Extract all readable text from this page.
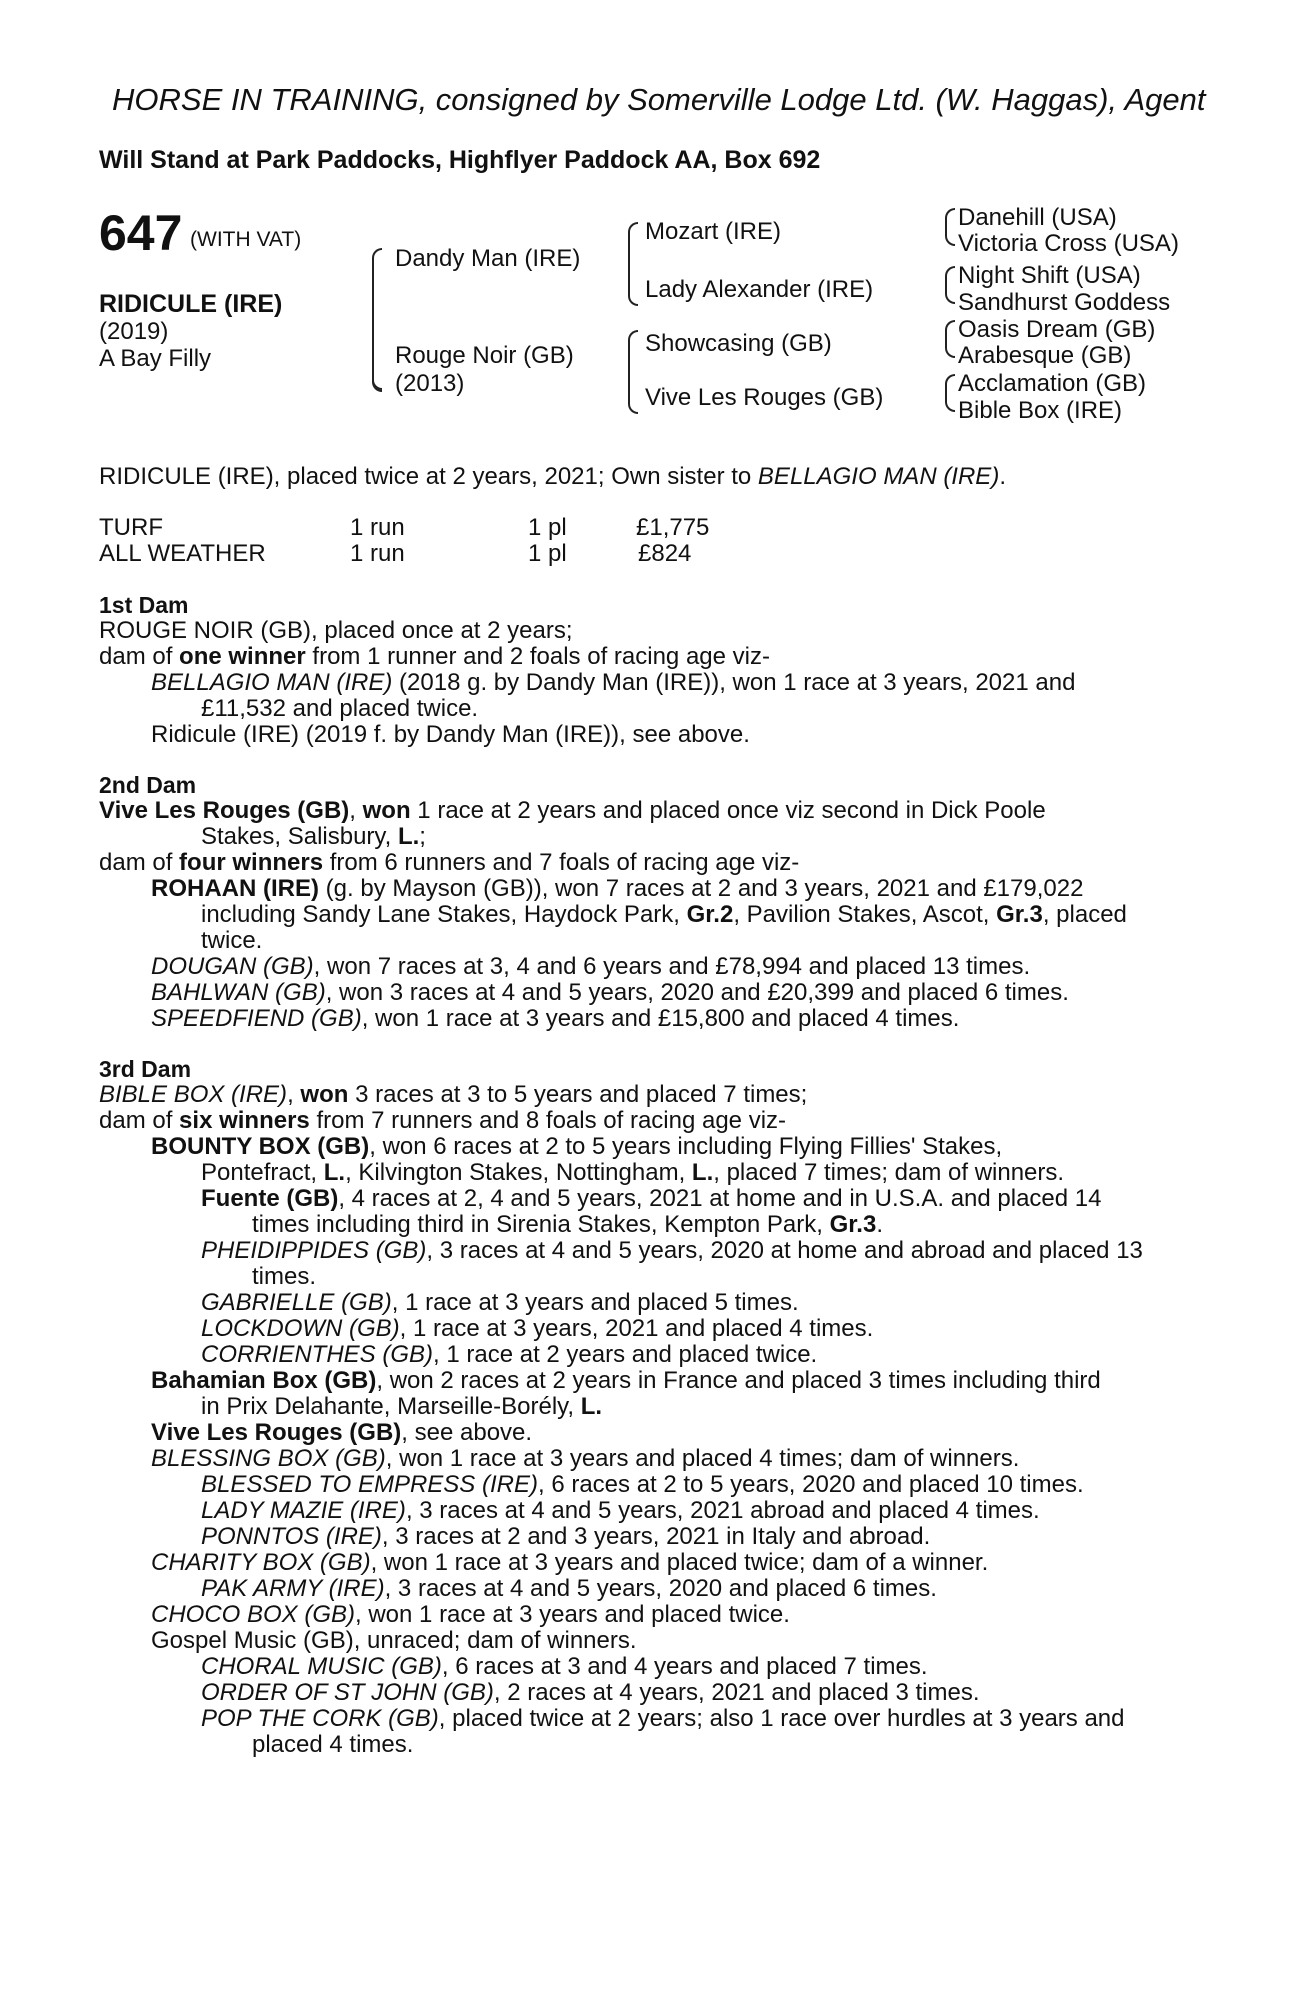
HORSE IN TRAINING, consigned by Somerville Lodge Ltd. (W. Haggas), Agent
Will Stand at Park Paddocks, Highflyer Paddock AA, Box 692
647 (WITH VAT)
RIDICULE (IRE)
(2019)
A Bay Filly
Dandy Man (IRE)
Rouge Noir (GB)
(2013)
Mozart (IRE)
Lady Alexander (IRE)
Showcasing (GB)
Vive Les Rouges (GB)
Danehill (USA)
Victoria Cross (USA)
Night Shift (USA)
Sandhurst Goddess
Oasis Dream (GB)
Arabesque (GB)
Acclamation (GB)
Bible Box (IRE)

RIDICULE (IRE), placed twice at 2 years, 2021; Own sister to BELLAGIO MAN (IRE).

TURF	1 run	1 pl	£1,775

ALL WEATHER	1 run	1 pl	£824

1st Dam

ROUGE NOIR (GB), placed once at 2 years;

dam of one winner from 1 runner and 2 foals of racing age viz-

BELLAGIO MAN (IRE) (2018 g. by Dandy Man (IRE)), won 1 race at 3 years, 2021 and

£11,532 and placed twice.

Ridicule (IRE) (2019 f. by Dandy Man (IRE)), see above.

2nd Dam

Vive Les Rouges (GB), won 1 race at 2 years and placed once viz second in Dick Poole

Stakes, Salisbury, L.;

dam of four winners from 6 runners and 7 foals of racing age viz-

ROHAAN (IRE) (g. by Mayson (GB)), won 7 races at 2 and 3 years, 2021 and £179,022

including Sandy Lane Stakes, Haydock Park, Gr.2, Pavilion Stakes, Ascot, Gr.3, placed

twice.

DOUGAN (GB), won 7 races at 3, 4 and 6 years and £78,994 and placed 13 times.

BAHLWAN (GB), won 3 races at 4 and 5 years, 2020 and £20,399 and placed 6 times.

SPEEDFIEND (GB), won 1 race at 3 years and £15,800 and placed 4 times.

3rd Dam

BIBLE BOX (IRE), won 3 races at 3 to 5 years and placed 7 times;

dam of six winners from 7 runners and 8 foals of racing age viz-

BOUNTY BOX (GB), won 6 races at 2 to 5 years including Flying Fillies' Stakes,

Pontefract, L., Kilvington Stakes, Nottingham, L., placed 7 times; dam of winners.

Fuente (GB), 4 races at 2, 4 and 5 years, 2021 at home and in U.S.A. and placed 14

times including third in Sirenia Stakes, Kempton Park, Gr.3.

PHEIDIPPIDES (GB), 3 races at 4 and 5 years, 2020 at home and abroad and placed 13

times.

GABRIELLE (GB), 1 race at 3 years and placed 5 times.

LOCKDOWN (GB), 1 race at 3 years, 2021 and placed 4 times.

CORRIENTHES (GB), 1 race at 2 years and placed twice.

Bahamian Box (GB), won 2 races at 2 years in France and placed 3 times including third

in Prix Delahante, Marseille-Borély, L.

Vive Les Rouges (GB), see above.

BLESSING BOX (GB), won 1 race at 3 years and placed 4 times; dam of winners.

BLESSED TO EMPRESS (IRE), 6 races at 2 to 5 years, 2020 and placed 10 times.

LADY MAZIE (IRE), 3 races at 4 and 5 years, 2021 abroad and placed 4 times.

PONNTOS (IRE), 3 races at 2 and 3 years, 2021 in Italy and abroad.

CHARITY BOX (GB), won 1 race at 3 years and placed twice; dam of a winner.

PAK ARMY (IRE), 3 races at 4 and 5 years, 2020 and placed 6 times.

CHOCO BOX (GB), won 1 race at 3 years and placed twice.

Gospel Music (GB), unraced; dam of winners.

CHORAL MUSIC (GB), 6 races at 3 and 4 years and placed 7 times.

ORDER OF ST JOHN (GB), 2 races at 4 years, 2021 and placed 3 times.

POP THE CORK (GB), placed twice at 2 years; also 1 race over hurdles at 3 years and

placed 4 times.
